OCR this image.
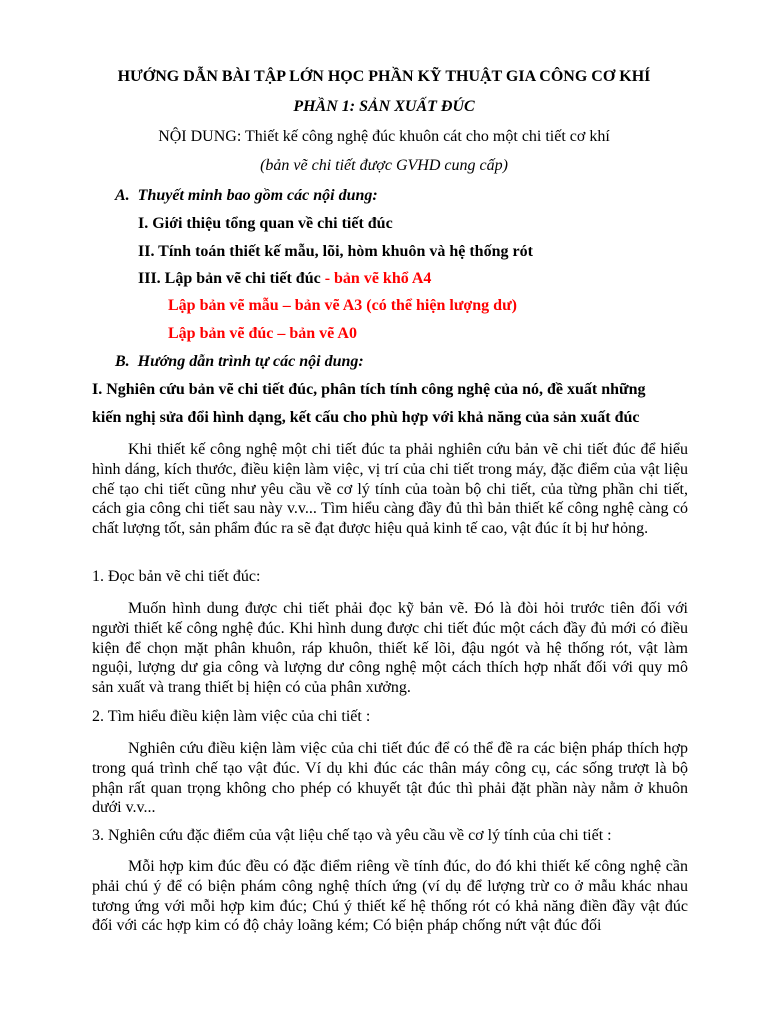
HƯỚNG DẪN BÀI TẬP LỚN HỌC PHẦN KỸ THUẬT GIA CÔNG CƠ KHÍ
PHẦN 1: SẢN XUẤT ĐÚC
NỘI DUNG: Thiết kế công nghệ đúc khuôn cát cho một chi tiết cơ khí
(bản vẽ chi tiết được GVHD cung cấp)
A. Thuyết minh bao gồm các nội dung:
I. Giới thiệu tổng quan về chi tiết đúc
II. Tính toán thiết kế mẫu, lõi, hòm khuôn và hệ thống rót
III. Lập bản vẽ chi tiết đúc - bản vẽ khổ A4
Lập bản vẽ mẫu – bản vẽ A3 (có thể hiện lượng dư)
Lập bản vẽ đúc – bản vẽ A0
B. Hướng dẫn trình tự các nội dung:
I. Nghiên cứu bản vẽ chi tiết đúc, phân tích tính công nghệ của nó, đề xuất những
kiến nghị sửa đổi hình dạng, kết cấu cho phù hợp với khả năng của sản xuất đúc

Khi thiết kế công nghệ một chi tiết đúc ta phải nghiên cứu bản vẽ chi tiết đúc để hiểu hình dáng, kích thước, điều kiện làm việc, vị trí của chi tiết trong máy, đặc điểm của vật liệu chế tạo chi tiết cũng như yêu cầu về cơ lý tính của toàn bộ chi tiết, của từng phần chi tiết, cách gia công chi tiết sau này v.v... Tìm hiểu càng đầy đủ thì bản thiết kế công nghệ càng có chất lượng tốt, sản phẩm đúc ra sẽ đạt được hiệu quả kinh tế cao, vật đúc ít bị hư hỏng.

1. Đọc bản vẽ chi tiết đúc:

Muốn hình dung được chi tiết phải đọc kỹ bản vẽ. Đó là đòi hỏi trước tiên đối với người thiết kế công nghệ đúc. Khi hình dung được chi tiết đúc một cách đầy đủ mới có điều kiện để chọn mặt phân khuôn, ráp khuôn, thiết kế lõi, đậu ngót và hệ thống rót, vật làm nguội, lượng dư gia công và lượng dư công nghệ một cách thích hợp nhất đối với quy mô sản xuất và trang thiết bị hiện có của phân xưởng.

2. Tìm hiểu điều kiện làm việc của chi tiết :

Nghiên cứu điều kiện làm việc của chi tiết đúc để có thể đề ra các biện pháp thích hợp trong quá trình chế tạo vật đúc. Ví dụ khi đúc các thân máy công cụ, các sống trượt là bộ phận rất quan trọng không cho phép có khuyết tật đúc thì phải đặt phần này nằm ở khuôn dưới v.v...

3. Nghiên cứu đặc điểm của vật liệu chế tạo và yêu cầu về cơ lý tính của chi tiết :

Mỗi hợp kim đúc đều có đặc điểm riêng về tính đúc, do đó khi thiết kế công nghệ cần phải chú ý để có biện phám công nghệ thích ứng (ví dụ để lượng trừ co ở mẫu khác nhau tương ứng với mỗi hợp kim đúc; Chú ý thiết kế hệ thống rót có khả năng điền đầy vật đúc đối với các hợp kim có độ chảy loãng kém; Có biện pháp chống nứt vật đúc đối
